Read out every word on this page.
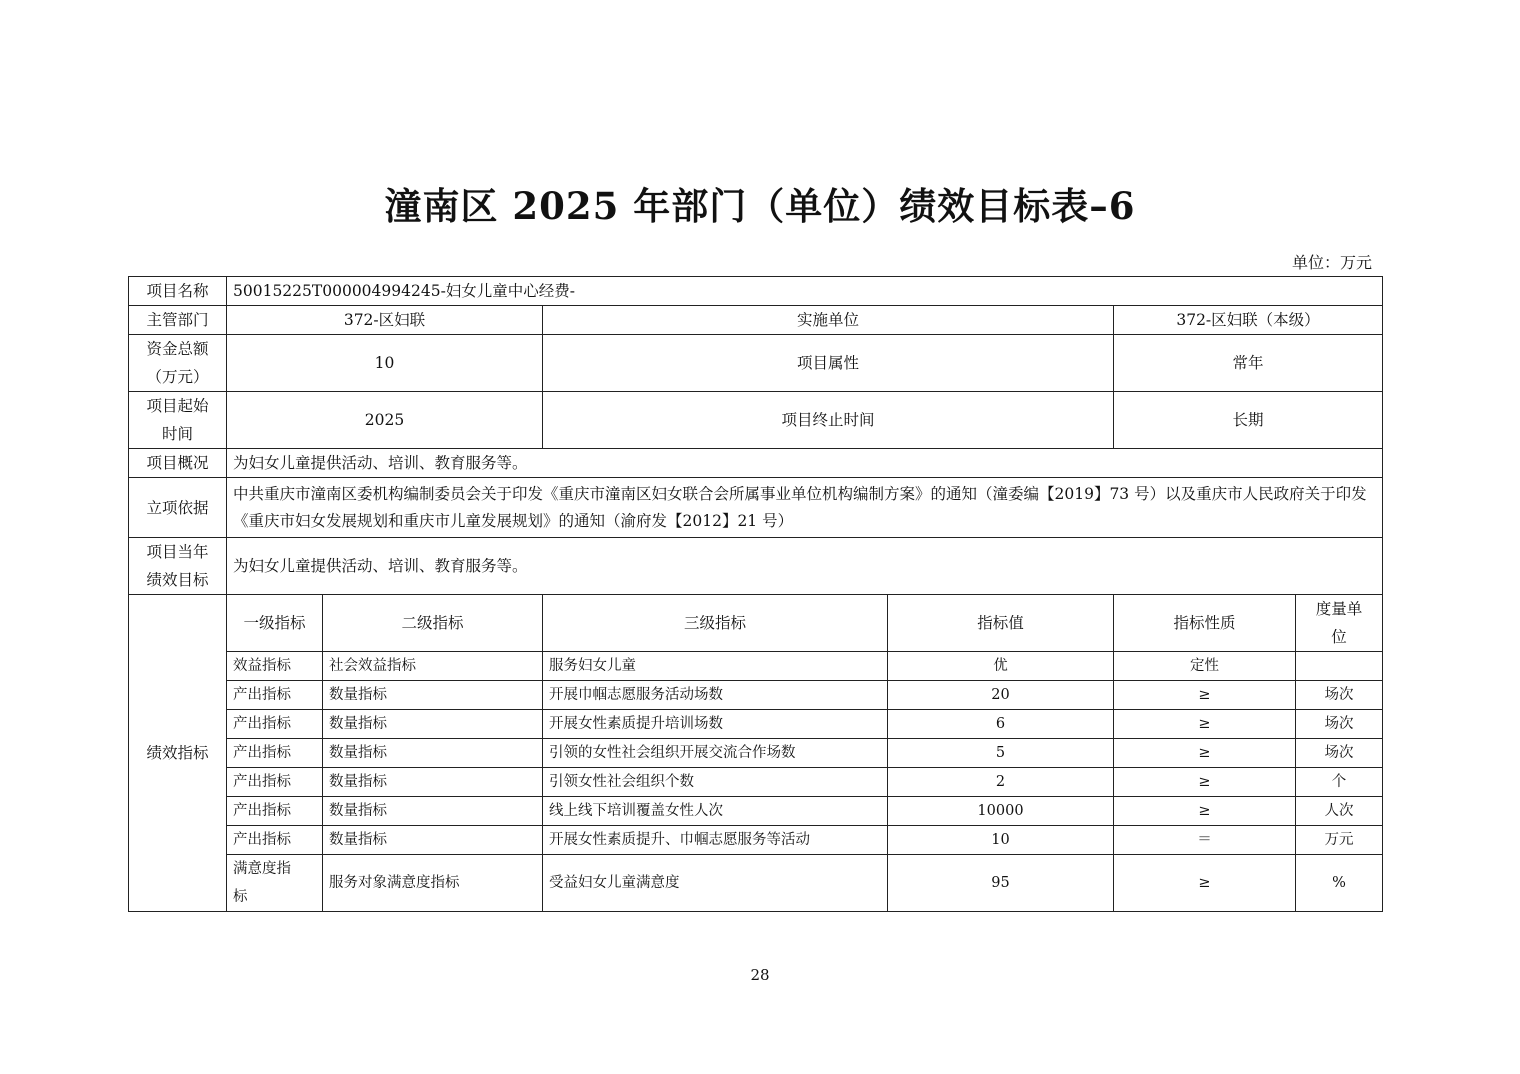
潼南区 2025 年部门（单位）绩效目标表–6
单位：万元
项目名称	50015225T000004994245-妇女儿童中心经费-					
主管部门	372-区妇联		实施单位		372-区妇联（本级）	

资金总额
（万元）	10		项目属性		常年	

项目起始
时间	2025		项目终止时间		长期	
项目概况	为妇女儿童提供活动、培训、教育服务等。					
立项依据	中共重庆市潼南区委机构编制委员会关于印发《重庆市潼南区妇女联合会所属事业单位机构编制方案》的通知（潼委编【2019】73 号）以及重庆市人民政府关于印发《重庆市妇女发展规划和重庆市儿童发展规划》的通知（渝府发【2012】21 号）					

项目当年
绩效目标	为妇女儿童提供活动、培训、教育服务等。					
绩效指标	一级指标	二级指标	三级指标	指标值	指标性质	度量单
位

	效益指标	社会效益指标	服务妇女儿童	优	定性	
	产出指标	数量指标	开展巾帼志愿服务活动场数	20	≥	场次
	产出指标	数量指标	开展女性素质提升培训场数	6	≥	场次
	产出指标	数量指标	引领的女性社会组织开展交流合作场数	5	≥	场次
	产出指标	数量指标	引领女性社会组织个数	2	≥	个
	产出指标	数量指标	线上线下培训覆盖女性人次	10000	≥	人次
	产出指标	数量指标	开展女性素质提升、巾帼志愿服务等活动	10	＝	万元

	满意度指
标	服务对象满意度指标	受益妇女儿童满意度	95	≥	%
28
